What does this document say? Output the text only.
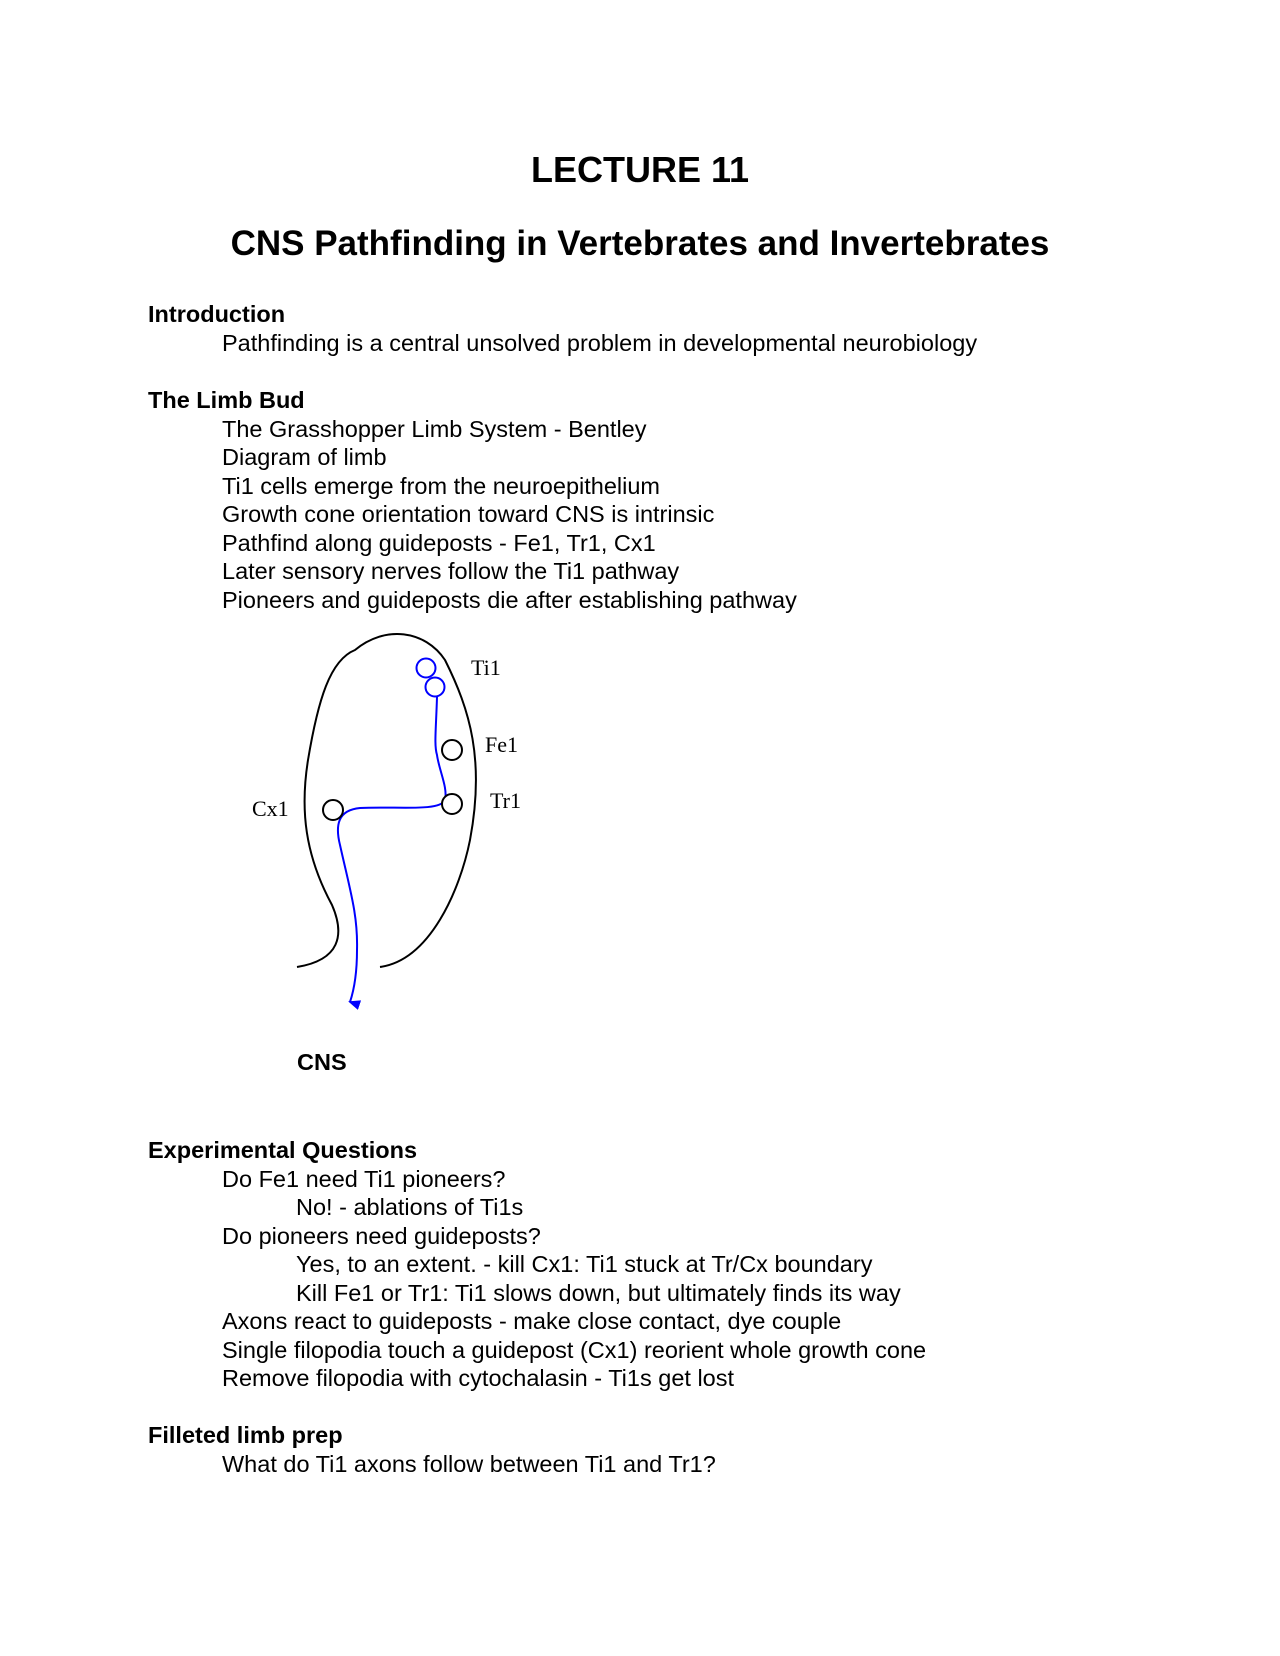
LECTURE 11
CNS Pathfinding in Vertebrates and Invertebrates
Introduction
Pathfinding is a central unsolved problem in developmental neurobiology
The Limb Bud
The Grasshopper Limb System - Bentley
Diagram of limb
Ti1 cells emerge from the neuroepithelium
Growth cone orientation toward CNS is intrinsic
Pathfind along guideposts - Fe1, Tr1, Cx1
Later sensory nerves follow the Ti1 pathway
Pioneers and guideposts die after establishing pathway
Ti1
Fe1
Tr1
Cx1
CNS
Experimental Questions
Do Fe1 need Ti1 pioneers?
No! - ablations of Ti1s
Do pioneers need guideposts?
Yes, to an extent. - kill Cx1: Ti1 stuck at Tr/Cx boundary
Kill Fe1 or Tr1: Ti1 slows down, but ultimately finds its way
Axons react to guideposts - make close contact, dye couple
Single filopodia touch a guidepost (Cx1) reorient whole growth cone
Remove filopodia with cytochalasin - Ti1s get lost
Filleted limb prep
What do Ti1 axons follow between Ti1 and Tr1?
